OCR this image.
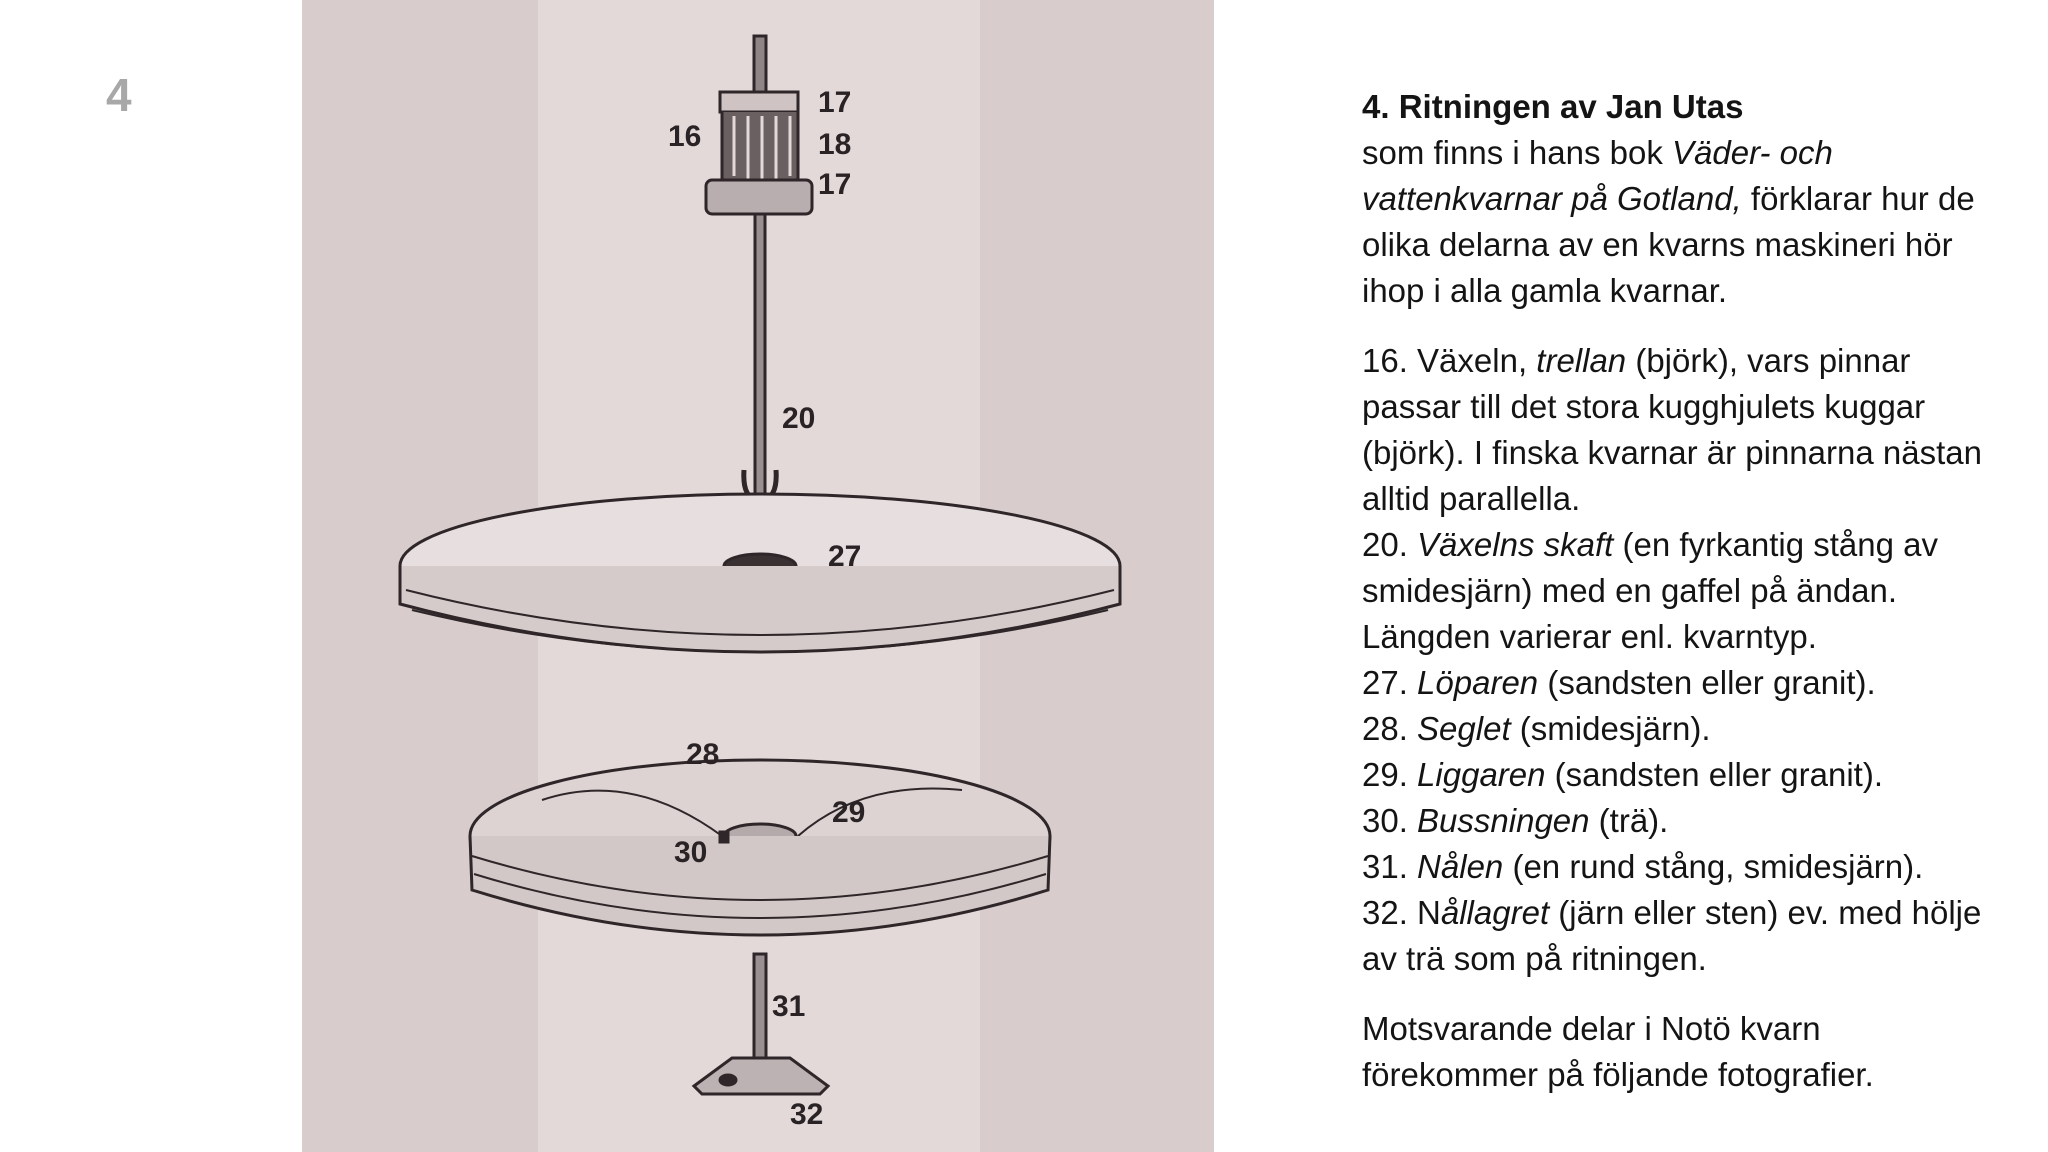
4
16
17
18
17
20
27
28
29
30
31
32

4. Ritningen av Jan Utas

som finns i hans bok Väder- och vattenkvarnar på Gotland, förklarar hur de olika delarna av en kvarns maskineri hör ihop i alla gamla kvarnar.

16. Växeln, trellan (björk), vars pinnar passar till det stora kugghjulets kuggar (björk). I finska kvarnar är pinnarna nästan alltid parallella.

20. Växelns skaft (en fyrkantig stång av smidesjärn) med en gaffel på ändan. Längden varierar enl. kvarntyp.

27. Löparen (sandsten eller granit).

28. Seglet (smidesjärn).

29. Liggaren (sandsten eller granit).

30. Bussningen (trä).

31. Nålen (en rund stång, smidesjärn).

32. Nållagret (järn eller sten) ev. med hölje av trä som på ritningen.

Motsvarande delar i Notö kvarn förekommer på följande fotografier.
